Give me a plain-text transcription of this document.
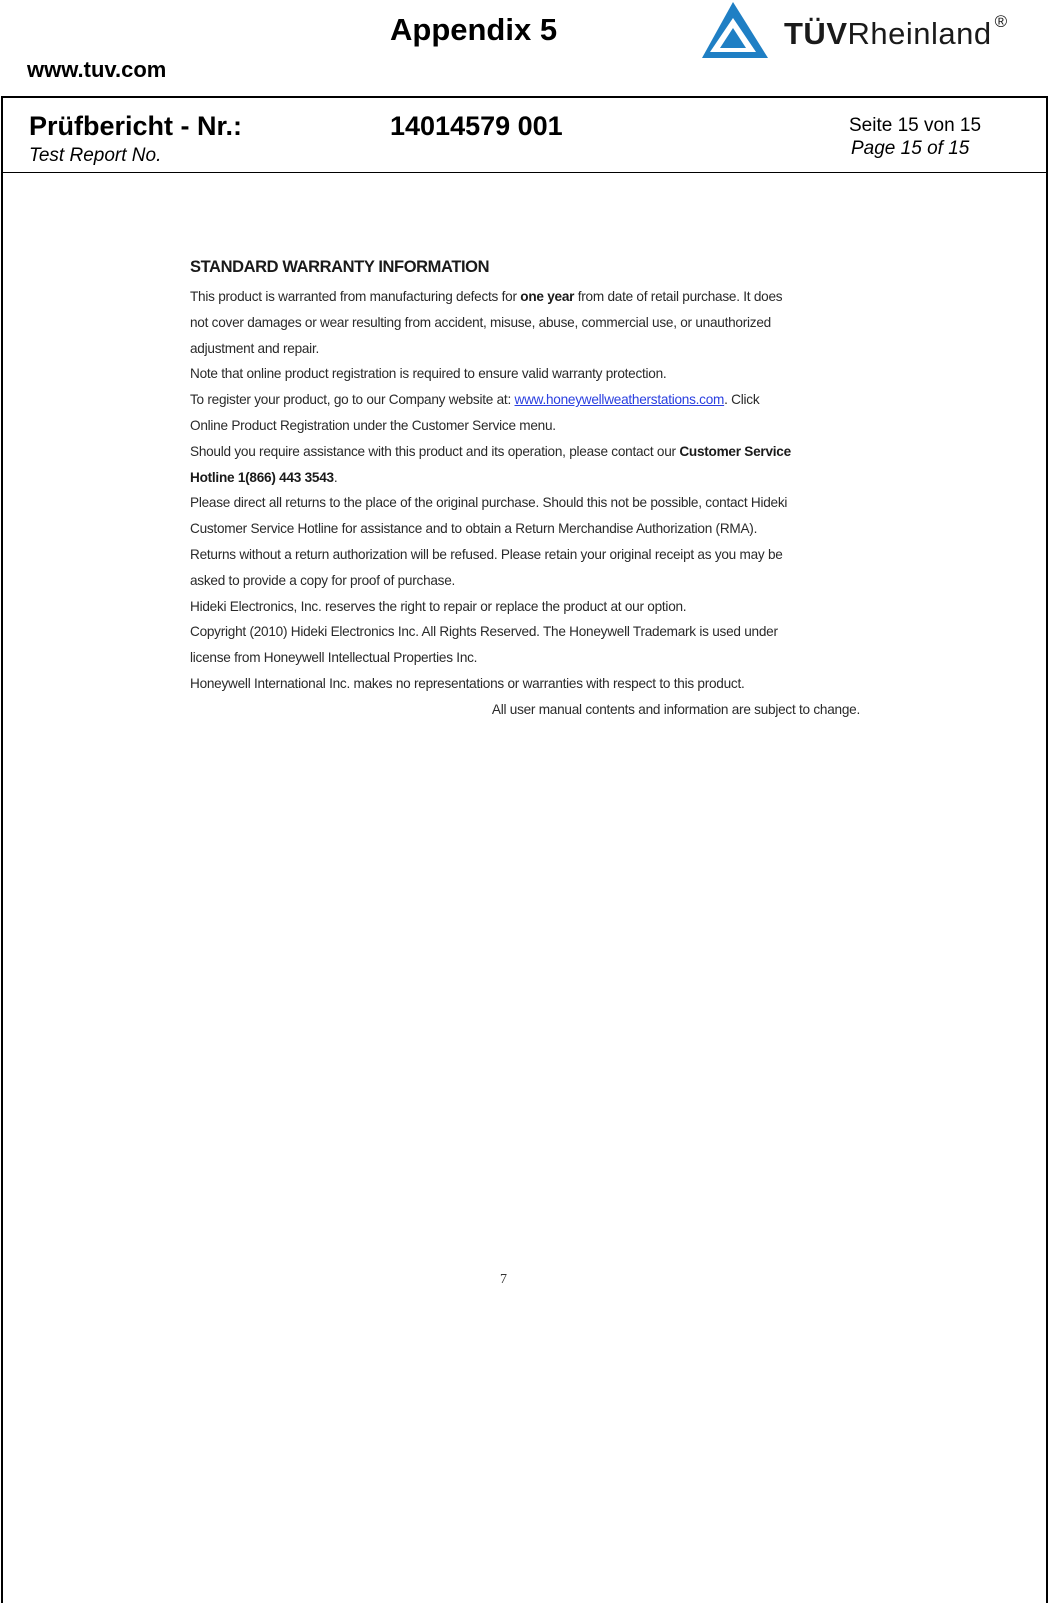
www.tuv.com
Appendix 5	TÜVRheinland ®
Prüfbericht - Nr.:
Test Report No.
14014579 001	Seite 15 von 15
Page 15 of 15
STANDARD WARRANTY INFORMATION
This product is warranted from manufacturing defects for one year from date of retail purchase. It does
not cover damages or wear resulting from accident, misuse, abuse, commercial use, or unauthorized
adjustment and repair.
Note that online product registration is required to ensure valid warranty protection.
To register your product, go to our Company website at: www.honeywellweatherstations.com. Click
Online Product Registration under the Customer Service menu.
Should you require assistance with this product and its operation, please contact our Customer Service
Hotline 1(866) 443 3543.
Please direct all returns to the place of the original purchase. Should this not be possible, contact Hideki
Customer Service Hotline for assistance and to obtain a Return Merchandise Authorization (RMA).
Returns without a return authorization will be refused. Please retain your original receipt as you may be
asked to provide a copy for proof of purchase.
Hideki Electronics, Inc. reserves the right to repair or replace the product at our option.
Copyright (2010) Hideki Electronics Inc. All Rights Reserved. The Honeywell Trademark is used under
license from Honeywell Intellectual Properties Inc.
Honeywell International Inc. makes no representations or warranties with respect to this product.
All user manual contents and information are subject to change.
7
